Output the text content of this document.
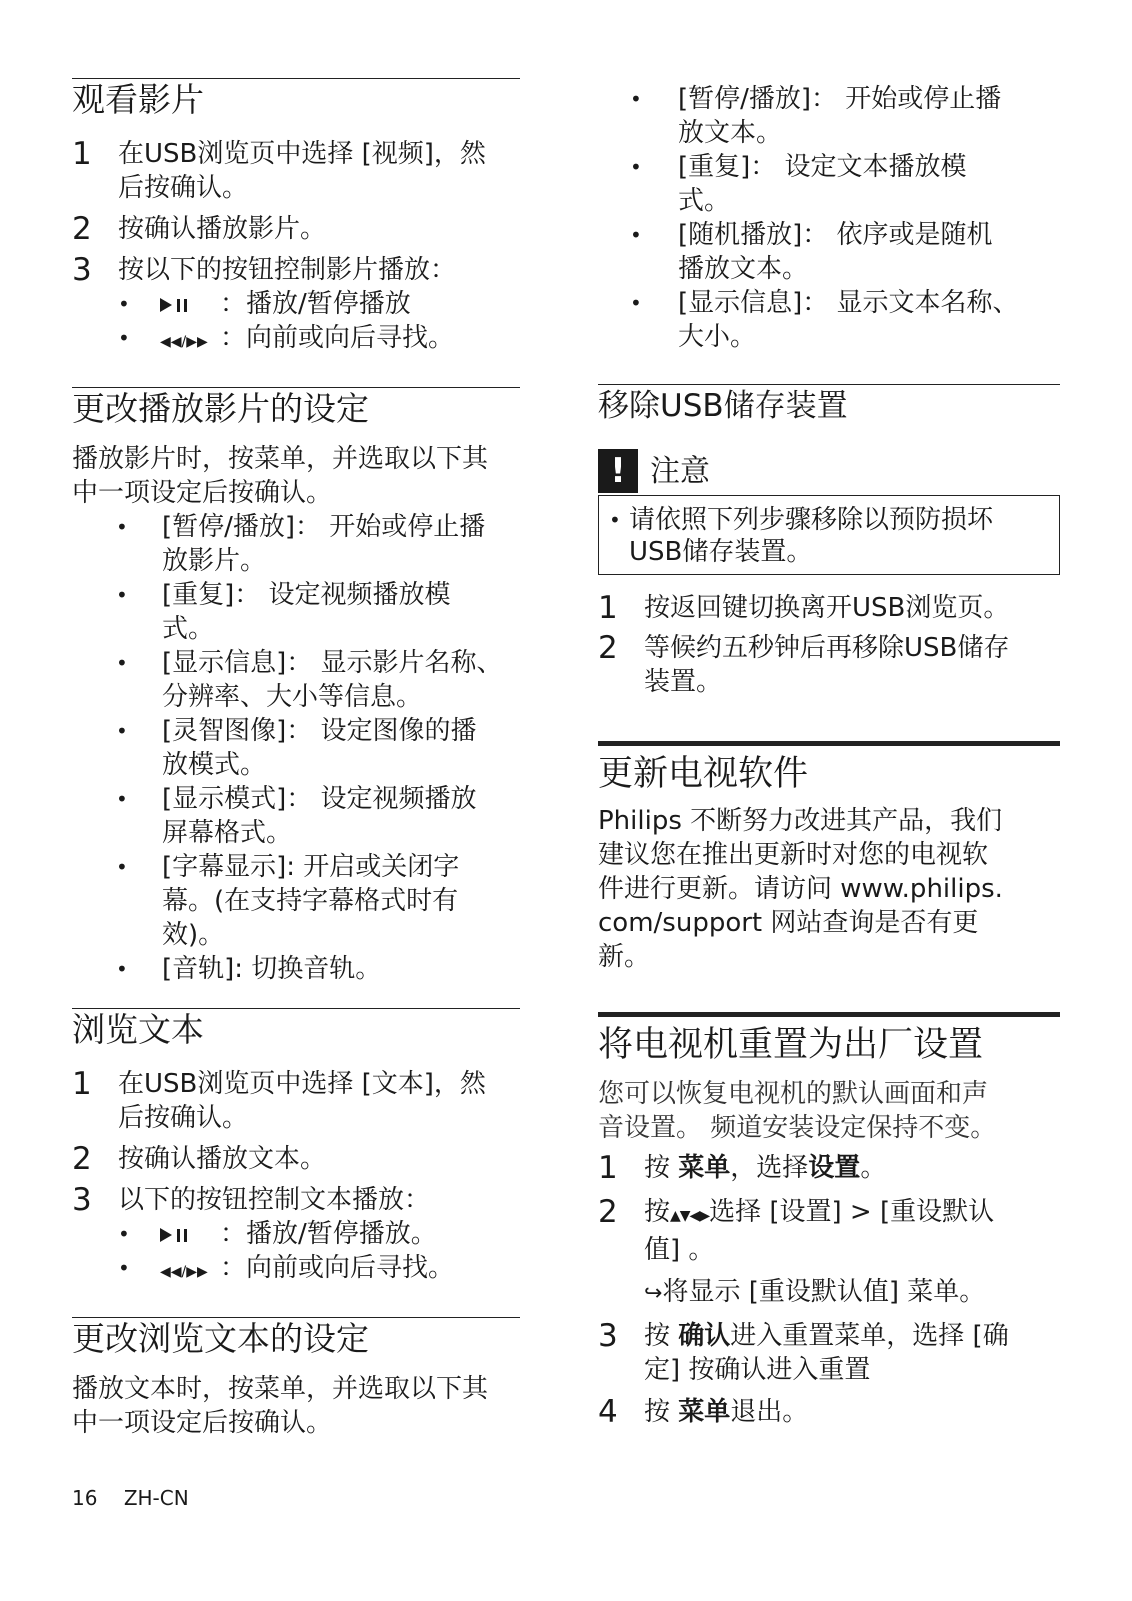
观看影片
1 在USB浏览页中选择 [视频]，然
后按确认。
2 按确认播放影片。
3 按以下的按钮控制影片播放：
•	：播放/暂停播放
• ◀◀/▶▶ ：向前或向后寻找。
更改播放影片的设定
播放影片时，按菜单，并选取以下其
中一项设定后按确认。
• [暂停/播放]： 开始或停止播
放影片。
• [重复]： 设定视频播放模
式。
• [显示信息]： 显示影片名称、
分辨率、大小等信息。
• [灵智图像]： 设定图像的播
放模式。
• [显示模式]： 设定视频播放
屏幕格式。
• [字幕显示]: 开启或关闭字
幕。(在支持字幕格式时有
效)。
• [音轨]: 切换音轨。
浏览文本
1 在USB浏览页中选择 [文本]，然
后按确认。
2 按确认播放文本。
3 以下的按钮控制文本播放：
•	：播放/暂停播放。
• ◀◀/▶▶ ：向前或向后寻找。
更改浏览文本的设定
播放文本时，按菜单，并选取以下其
中一项设定后按确认。
• [暂停/播放]： 开始或停止播
放文本。
• [重复]： 设定文本播放模
式。
• [随机播放]： 依序或是随机
播放文本。
• [显示信息]： 显示文本名称、
大小。
移除USB储存装置
! 注意
• 请依照下列步骤移除以预防损坏
USB储存装置。
1 按返回键切换离开USB浏览页。
2 等候约五秒钟后再移除USB储存
装置。
更新电视软件
Philips 不断努力改进其产品，我们
建议您在推出更新时对您的电视软
件进行更新。请访问 www.philips.
com/support 网站查询是否有更
新。
将电视机重置为出厂设置
您可以恢复电视机的默认画面和声
音设置。 频道安装设定保持不变。
1 按 菜单，选择设置。
2 按▲▼◀▶选择 [设置] > [重设默认
值] 。
↪将显示 [重设默认值] 菜单。
3 按 确认进入重置菜单，选择 [确
定] 按确认进入重置
4 按 菜单退出。
16 ZH-CN
